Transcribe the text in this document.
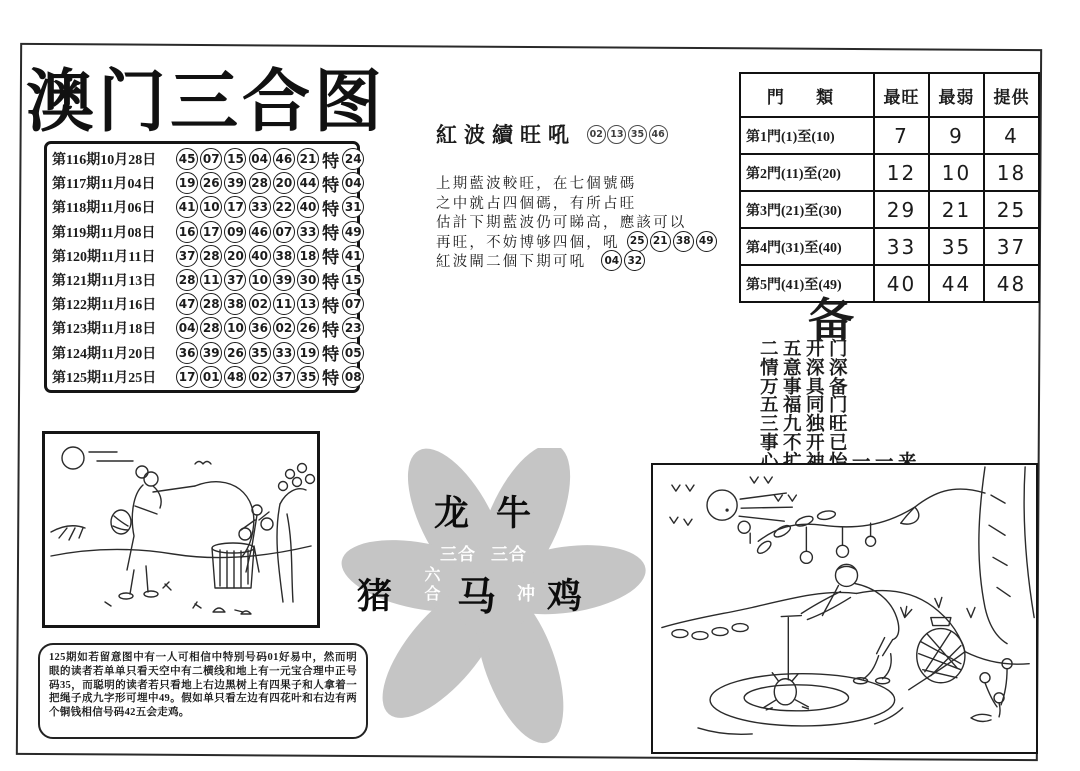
澳门三合图
第116期10月28日	45 07 15 04 46 21 特 24
第117期11月04日	19 26 39 28 20 44 特 04
第118期11月06日	41 10 17 33 22 40 特 31
第119期11月08日	16 17 09 46 07 33 特 49
第120期11月11日	37 28 20 40 38 18 特 41
第121期11月13日	28 11 37 10 39 30 特 15
第122期11月16日	47 28 38 02 11 13 特 07
第123期11月18日	04 28 10 36 02 26 特 23
第124期11月20日	36 39 26 35 33 19 特 05
第125期11月25日	17 01 48 02 37 35 特 08
紅波續旺吼	02 13 35 46
上期藍波較旺，在七個號碼
之中就占四個碼，有所占旺
估計下期藍波仍可睇高，應該可以
再旺，不妨博够四個，吼 25 21 38 49
紅波閘二個下期可吼	04 32
門 類	最旺	最弱	提供
第1門(1)至(10)	7	9	4
第2門(11)至(20)	12	10	18
第3門(21)至(30)	29	21	25
第4門(31)至(40)	33	35	37
第5門(41)至(49)	40	44	48
备
二五开门
情意深深
万事具备
五福同门
三九独旺
事不开已
125期如若留意图中有一人可相信中特别号码01好易中，然而明眼的读者若单单只看天空中有二横线和地上有一元宝合理中正号码35，而聪明的读者若只看地上右边黑树上有四果子和人拿着一把绳子成九字形可埋中49。假如单只看左边有四花叶和右边有两个铜钱相信号码42五会走鸡。
龙 牛
猪 马 鸡
三合 三合
六合	冲
